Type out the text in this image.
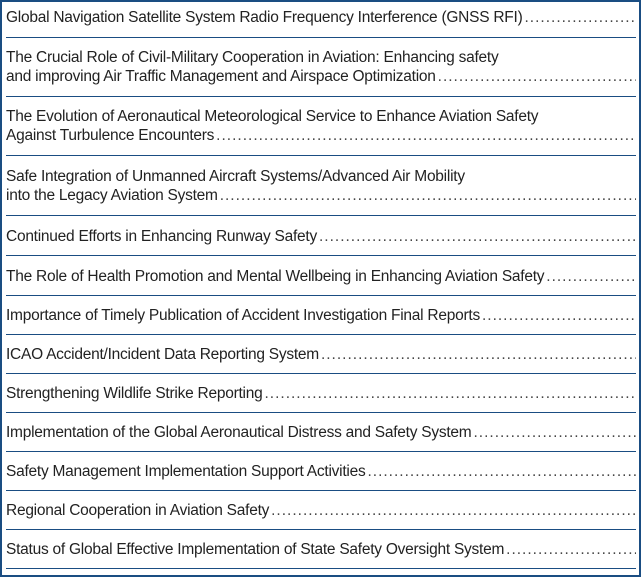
Global Navigation Satellite System Radio Frequency Interference (GNSS RFI)
.....
The Crucial Role of Civil-Military Cooperation in Aviation: Enhancing safety
and improving Air Traffic Management and Airspace Optimization
.....
The Evolution of Aeronautical Meteorological Service to Enhance Aviation Safety
Against Turbulence Encounters
.....
Safe Integration of Unmanned Aircraft Systems/Advanced Air Mobility
into the Legacy Aviation System
.....
Continued Efforts in Enhancing Runway Safety
.....
The Role of Health Promotion and Mental Wellbeing in Enhancing Aviation Safety
.....
Importance of Timely Publication of Accident Investigation Final Reports
.....
ICAO Accident/Incident Data Reporting System
.....
Strengthening Wildlife Strike Reporting
.....
Implementation of the Global Aeronautical Distress and Safety System
.....
Safety Management Implementation Support Activities
.....
Regional Cooperation in Aviation Safety
.....
Status of Global Effective Implementation of State Safety Oversight System
.....
